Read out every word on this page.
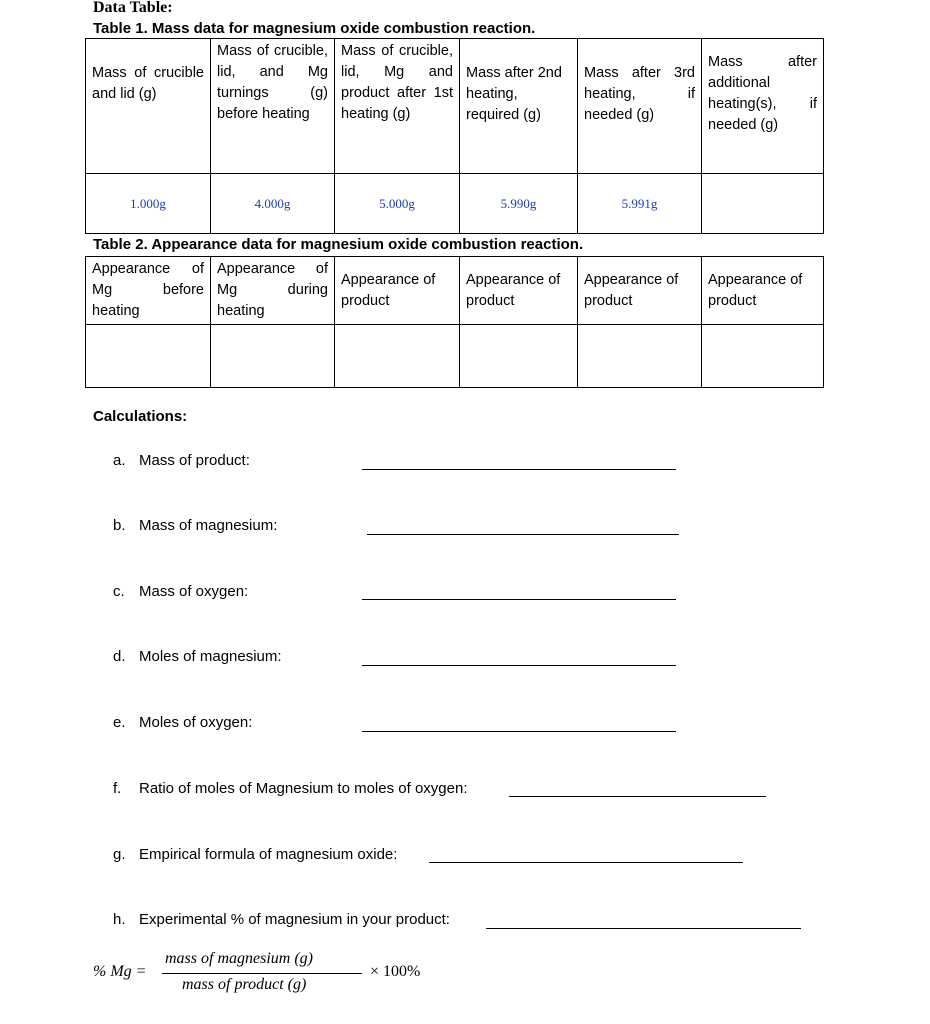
Data Table:
Table 1. Mass data for magnesium oxide combustion reaction.
Mass of crucible and lid (g)	Mass of crucible, lid, and Mg turnings (g) before heating	Mass of crucible, lid, Mg and product after 1st heating (g)	Mass after 2nd heating, required (g)	Mass after 3rd heating, if needed (g)	Mass after additional heating(s), if needed (g)
1.000g	4.000g	5.000g	5.990g	5.991g	
Table 2. Appearance data for magnesium oxide combustion reaction.
Appearance of Mg before heating	Appearance of Mg during heating	Appearance of product	Appearance of product	Appearance of product	Appearance of product

Calculations:
a. Mass of product:
b. Mass of magnesium:
c. Mass of oxygen:
d. Moles of magnesium:
e. Moles of oxygen:
f. Ratio of moles of Magnesium to moles of oxygen:
g. Empirical formula of magnesium oxide:
h. Experimental % of magnesium in your product:
% Mg =
mass of magnesium (g)
mass of product (g)
× 100%
